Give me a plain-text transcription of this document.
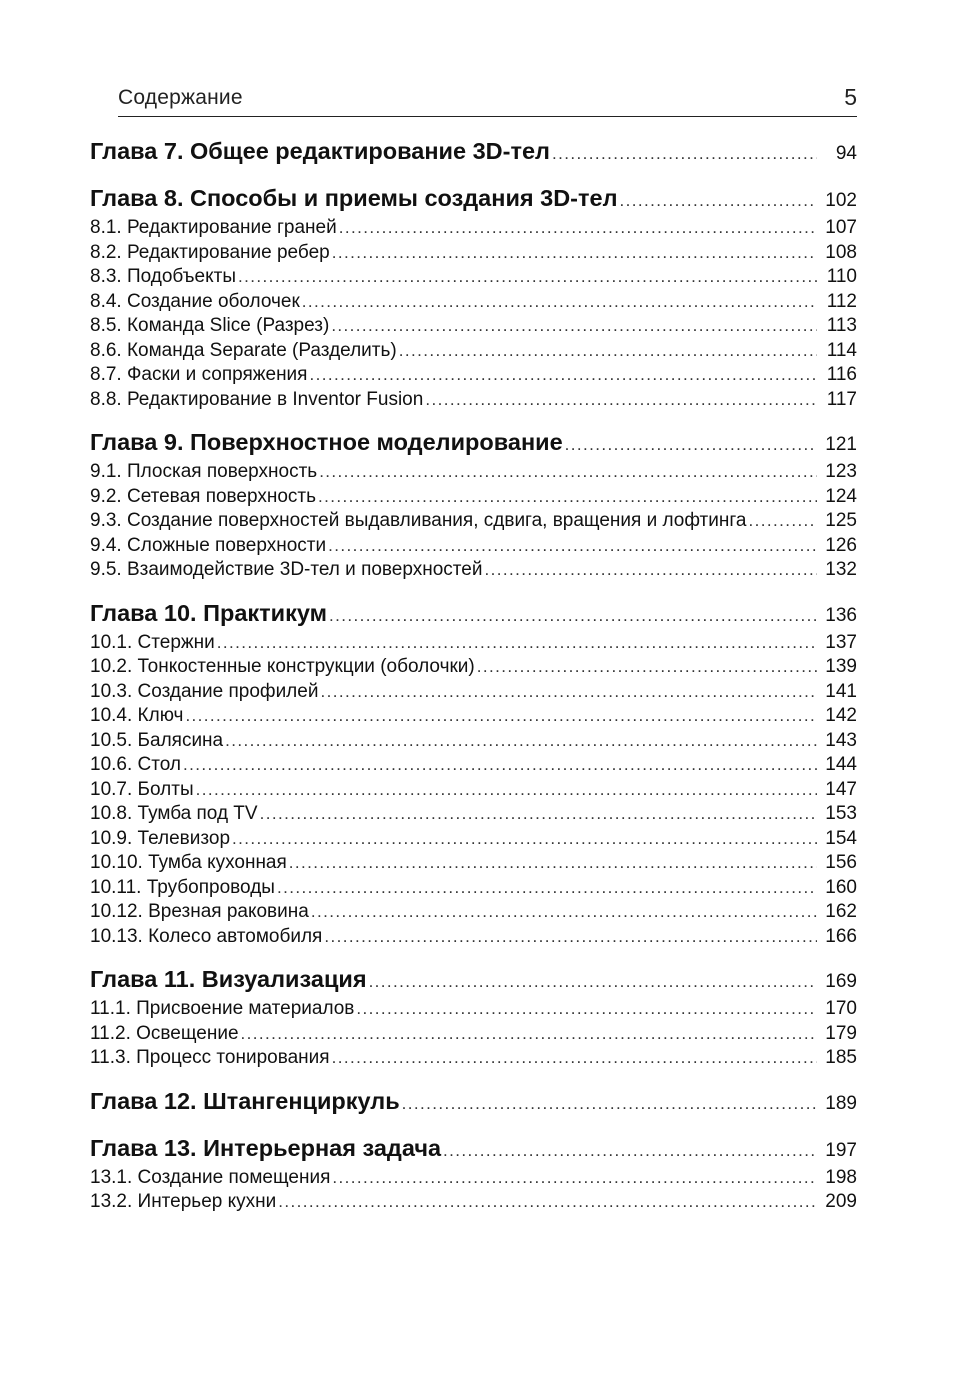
Содержание	5
Глава 7. Общее редактирование 3D-тел .....	94
Глава 8. Способы и приемы создания 3D-тел .....	102
8.1. Редактирование граней .....	107
8.2. Редактирование ребер .....	108
8.3. Подобъекты .....	110
8.4. Создание оболочек .....	112
8.5. Команда Slice (Разрез) .....	113
8.6. Команда Separate (Разделить) .....	114
8.7. Фаски и сопряжения .....	116
8.8. Редактирование в Inventor Fusion .....	117
Глава 9. Поверхностное моделирование .....	121
9.1. Плоская поверхность .....	123
9.2. Сетевая поверхность .....	124
9.3. Создание поверхностей выдавливания, сдвига, вращения и лофтинга .....	125
9.4. Сложные поверхности .....	126
9.5. Взаимодействие 3D-тел и поверхностей .....	132
Глава 10. Практикум .....	136
10.1. Стержни .....	137
10.2. Тонкостенные конструкции (оболочки) .....	139
10.3. Создание профилей .....	141
10.4. Ключ .....	142
10.5. Балясина .....	143
10.6. Стол .....	144
10.7. Болты .....	147
10.8. Тумба под TV .....	153
10.9. Телевизор .....	154
10.10. Тумба кухонная .....	156
10.11. Трубопроводы .....	160
10.12. Врезная раковина .....	162
10.13. Колесо автомобиля .....	166
Глава 11. Визуализация .....	169
11.1. Присвоение материалов .....	170
11.2. Освещение .....	179
11.3. Процесс тонирования .....	185
Глава 12. Штангенциркуль .....	189
Глава 13. Интерьерная задача .....	197
13.1. Создание помещения .....	198
13.2. Интерьер кухни .....	209
